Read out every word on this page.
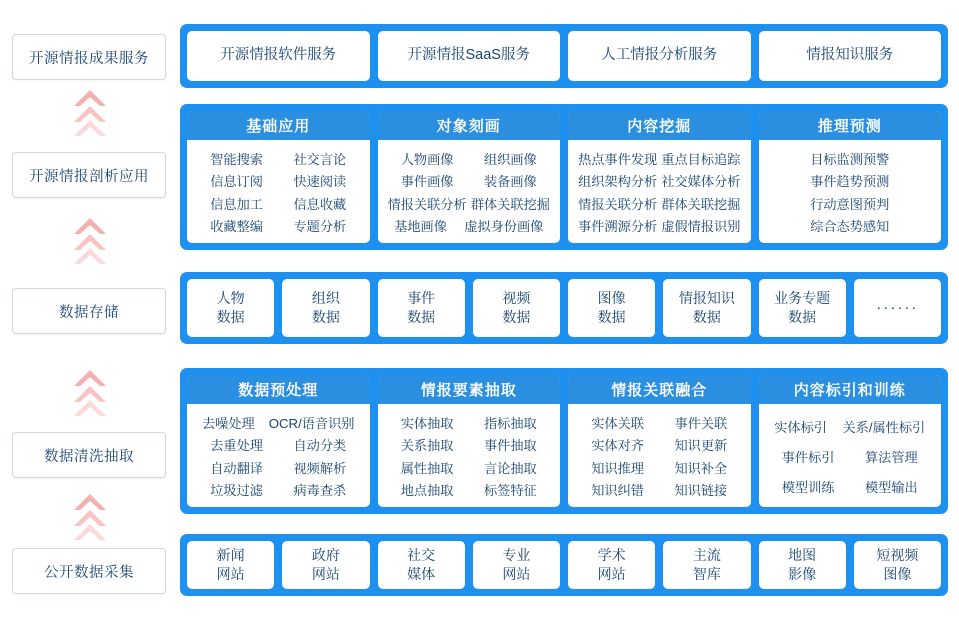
开源情报成果服务
开源情报剖析应用
数据存储
数据清洗抽取
公开数据采集
开源情报软件服务	开源情报SaaS服务	人工情报分析服务	情报知识服务
基础应用
智能搜索 社交言论
信息订阅 快速阅读
信息加工 信息收藏
收藏整编 专题分析
对象刻画
人物画像 组织画像
事件画像 装备画像
情报关联分析 群体关联挖掘
基地画像 虚拟身份画像
内容挖掘
热点事件发现 重点目标追踪
组织架构分析 社交媒体分析
情报关联分析 群体关联挖掘
事件溯源分析 虚假情报识别
推理预测
目标监测预警
事件趋势预测
行动意图预判
综合态势感知
人物
数据
组织
数据
事件
数据
视频
数据
图像
数据
情报知识
数据
业务专题
数据
······
数据预处理
去噪处理 OCR/语音识别
去重处理 自动分类
自动翻译 视频解析
垃圾过滤 病毒查杀
情报要素抽取
实体抽取 指标抽取
关系抽取 事件抽取
属性抽取 言论抽取
地点抽取 标签特征
情报关联融合
实体关联 事件关联
实体对齐 知识更新
知识推理 知识补全
知识纠错 知识链接
内容标引和训练
实体标引 关系/属性标引
事件标引 算法管理
模型训练 模型输出
新闻
网站
政府
网站
社交
媒体
专业
网站
学术
网站
主流
智库
地图
影像
短视频
图像
